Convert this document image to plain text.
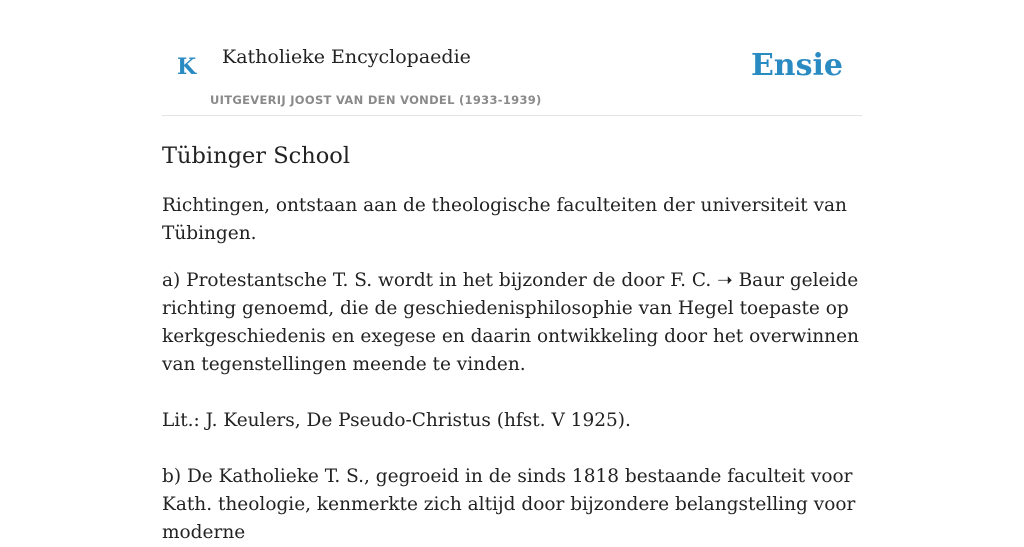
K Katholieke Encyclopaedie
UITGEVERIJ JOOST VAN DEN VONDEL (1933-1939)
Ensie
Tübinger School

Richtingen, ontstaan aan de theologische faculteiten der universiteit van Tübingen.

a) Protestantsche T. S. wordt in het bijzonder de door F. C. ➝ Baur geleide richting genoemd, die de geschiedenisphilosophie van Hegel toepaste op kerkgeschiedenis en exegese en daarin ontwikkeling door het overwinnen van tegenstellingen meende te vinden.

Lit.: J. Keulers, De Pseudo-Christus (hfst. V 1925).

b) De Katholieke T. S., gegroeid in de sinds 1818 bestaande faculteit voor Kath. theologie, kenmerkte zich altijd door bijzondere belangstelling voor moderne
